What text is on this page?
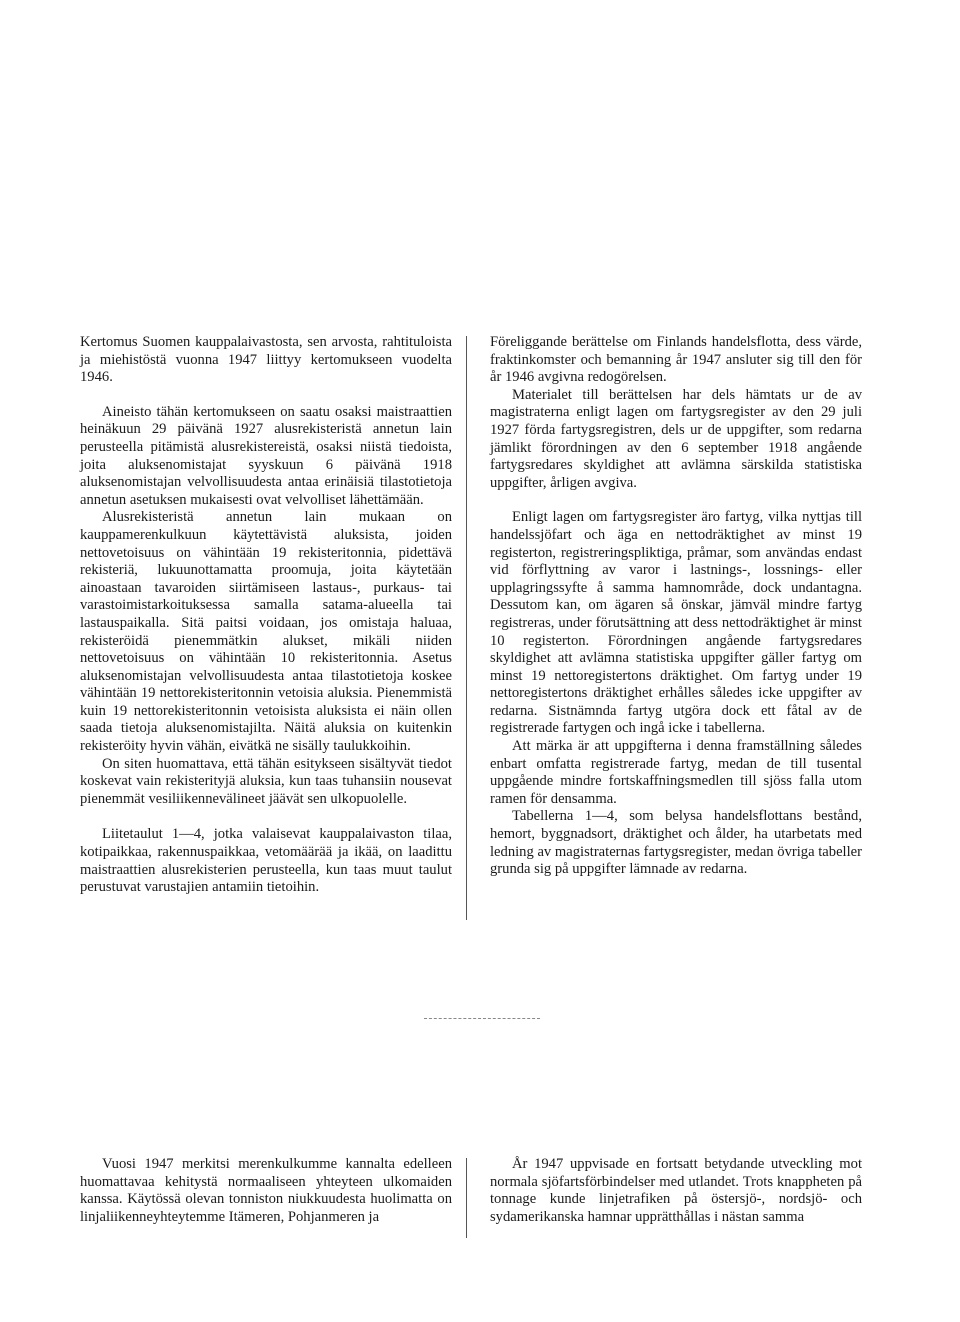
Kertomus Suomen kauppalaivastosta, sen arvosta, rahtituloista ja miehistöstä vuonna 1947 liittyy kertomukseen vuodelta 1946.

Aineisto tähän kertomukseen on saatu osaksi maistraattien heinäkuun 29 päivänä 1927 alusrekisteristä annetun lain perusteella pitämistä alusrekistereistä, osaksi niistä tiedoista, joita aluksenomistajat syyskuun 6 päivänä 1918 aluksenomistajan velvollisuudesta antaa erinäisiä tilastotietoja annetun asetuksen mukaisesti ovat velvolliset lähettämään.

Alusrekisteristä annetun lain mukaan on kauppamerenkulkuun käytettävistä aluksista, joiden nettovetoisuus on vähintään 19 rekisteritonnia, pidettävä rekisteriä, lukuunottamatta proomuja, joita käytetään ainoastaan tavaroiden siirtämiseen lastaus-, purkaus- tai varastoimistarkoituksessa samalla satama-alueella tai lastauspaikalla. Sitä paitsi voidaan, jos omistaja haluaa, rekisteröidä pienemmätkin alukset, mikäli niiden nettovetoisuus on vähintään 10 rekisteritonnia. Asetus aluksenomistajan velvollisuudesta antaa tilastotietoja koskee vähintään 19 nettorekisteritonnin vetoisia aluksia. Pienemmistä kuin 19 nettorekisteritonnin vetoisista aluksista ei näin ollen saada tietoja aluksenomistajilta. Näitä aluksia on kuitenkin rekisteröity hyvin vähän, eivätkä ne sisälly taulukkoihin.

On siten huomattava, että tähän esitykseen sisältyvät tiedot koskevat vain rekisterityjä aluksia, kun taas tuhansiin nousevat pienemmät vesiliikennevälineet jäävät sen ulkopuolelle.

Liitetaulut 1—4, jotka valaisevat kauppalaivaston tilaa, kotipaikkaa, rakennuspaikkaa, vetomäärää ja ikää, on laadittu maistraattien alusrekisterien perusteella, kun taas muut taulut perustuvat varustajien antamiin tietoihin.

Föreliggande berättelse om Finlands handelsflotta, dess värde, fraktinkomster och bemanning år 1947 ansluter sig till den för år 1946 avgivna redogörelsen.

Materialet till berättelsen har dels hämtats ur de av magistraterna enligt lagen om fartygsregister av den 29 juli 1927 förda fartygsregistren, dels ur de uppgifter, som redarna jämlikt förordningen av den 6 september 1918 angående fartygsredares skyldighet att avlämna särskilda statistiska uppgifter, årligen avgiva.

Enligt lagen om fartygsregister äro fartyg, vilka nyttjas till handelssjöfart och äga en nettodräktighet av minst 19 registerton, registreringspliktiga, pråmar, som användas endast vid förflyttning av varor i lastnings-, lossnings- eller upplagringssyfte å samma hamnområde, dock undantagna. Dessutom kan, om ägaren så önskar, jämväl mindre fartyg registreras, under förutsättning att dess nettodräktighet är minst 10 registerton. Förordningen angående fartygsredares skyldighet att avlämna statistiska uppgifter gäller fartyg om minst 19 nettoregistertons dräktighet. Om fartyg under 19 nettoregistertons dräktighet erhålles således icke uppgifter av redarna. Sistnämnda fartyg utgöra dock ett fåtal av de registrerade fartygen och ingå icke i tabellerna.

Att märka är att uppgifterna i denna framställning således enbart omfatta registrerade fartyg, medan de till tusental uppgående mindre fortskaffningsmedlen till sjöss falla utom ramen för densamma.

Tabellerna 1—4, som belysa handelsflottans bestånd, hemort, byggnadsort, dräktighet och ålder, ha utarbetats med ledning av magistraternas fartygsregister, medan övriga tabeller grunda sig på uppgifter lämnade av redarna.

Vuosi 1947 merkitsi merenkulkumme kannalta edelleen huomattavaa kehitystä normaaliseen yhteyteen ulkomaiden kanssa. Käytössä olevan tonniston niukkuudesta huolimatta on linjaliikenneyhteytemme Itämeren, Pohjanmeren ja

År 1947 uppvisade en fortsatt betydande utveckling mot normala sjöfartsförbindelser med utlandet. Trots knappheten på tonnage kunde linjetrafiken på östersjö-, nordsjö- och sydamerikanska hamnar upprätthållas i nästan samma
